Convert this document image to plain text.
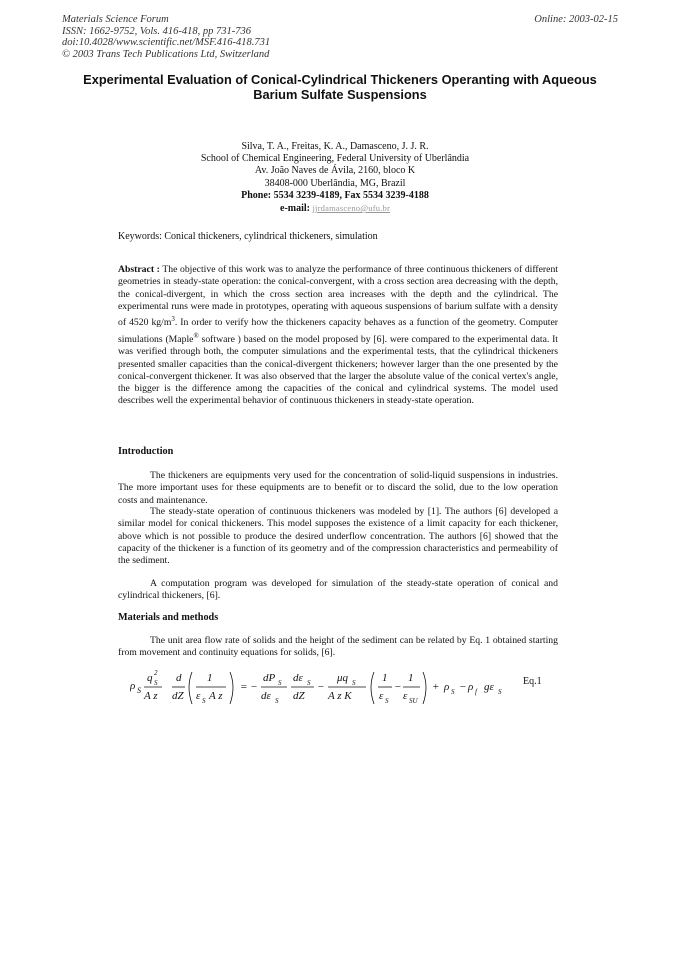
Materials Science Forum
ISSN: 1662-9752, Vols. 416-418, pp 731-736
doi:10.4028/www.scientific.net/MSF.416-418.731
© 2003 Trans Tech Publications Ltd, Switzerland
Online: 2003-02-15
Experimental Evaluation of Conical-Cylindrical Thickeners Operanting with Aqueous Barium Sulfate Suspensions
Silva, T. A., Freitas, K. A., Damasceno, J. J. R.
School of Chemical Engineering, Federal University of Uberlândia
Av. João Naves de Ávila, 2160, bloco K
38408-000 Uberlândia, MG, Brazil
Phone: 5534 3239-4189, Fax 5534 3239-4188
e-mail: jjrdamasceno@ufu.br
Keywords: Conical thickeners, cylindrical thickeners, simulation
Abstract : The objective of this work was to analyze the performance of three continuous thickeners of different geometries in steady-state operation: the conical-convergent, with a cross section area decreasing with the depth, the conical-divergent, in which the cross section area increases with the depth and the cylindrical. The experimental runs were made in prototypes, operating with aqueous suspensions of barium sulfate with a density of 4520 $kg/m^3$. In order to verify how the thickeners capacity behaves as a function of the geometry. Computer simulations (Maple® software ) based on the model proposed by [6]. were compared to the experimental data. It was verified through both, the computer simulations and the experimental tests, that the cylindrical thickeners presented smaller capacities than the conical-divergent thickeners; however larger than the one presented by the conical-convergent thickener. It was also observed that the larger the absolute value of the conical vertex's angle, the bigger is the difference among the capacities of the conical and cylindrical systems. The model used describes well the experimental behavior of continuous thickeners in steady-state operation.
Introduction

The thickeners are equipments very used for the concentration of solid-liquid suspensions in industries. The more important uses for these equipments are to benefit or to discard the solid, due to the low operation costs and maintenance.

The steady-state operation of continuous thickeners was modeled by [1]. The authors [6] developed a similar model for conical thickeners. This model supposes the existence of a limit capacity for each thickener, above which is not possible to produce the desired underflow concentration. The authors [6] showed that the capacity of the thickener is a function of its geometry and of the compression characteristics and permeability of the sediment.

A computation program was developed for simulation of the steady-state operation of conical and cylindrical thickeners, [6].

Materials and methods

The unit area flow rate of solids and the height of the sediment can be related by Eq. 1 obtained starting from movement and continuity equations for solids, [6].

ρ S
q S
2
A z
d
dZ
1
ε S A z
= −
dP S
dε S
dε S
dZ
−
μq S
A z K
1
ε S
−
1
ε SU
+ ρ S − ρ f gε S
Eq.1
